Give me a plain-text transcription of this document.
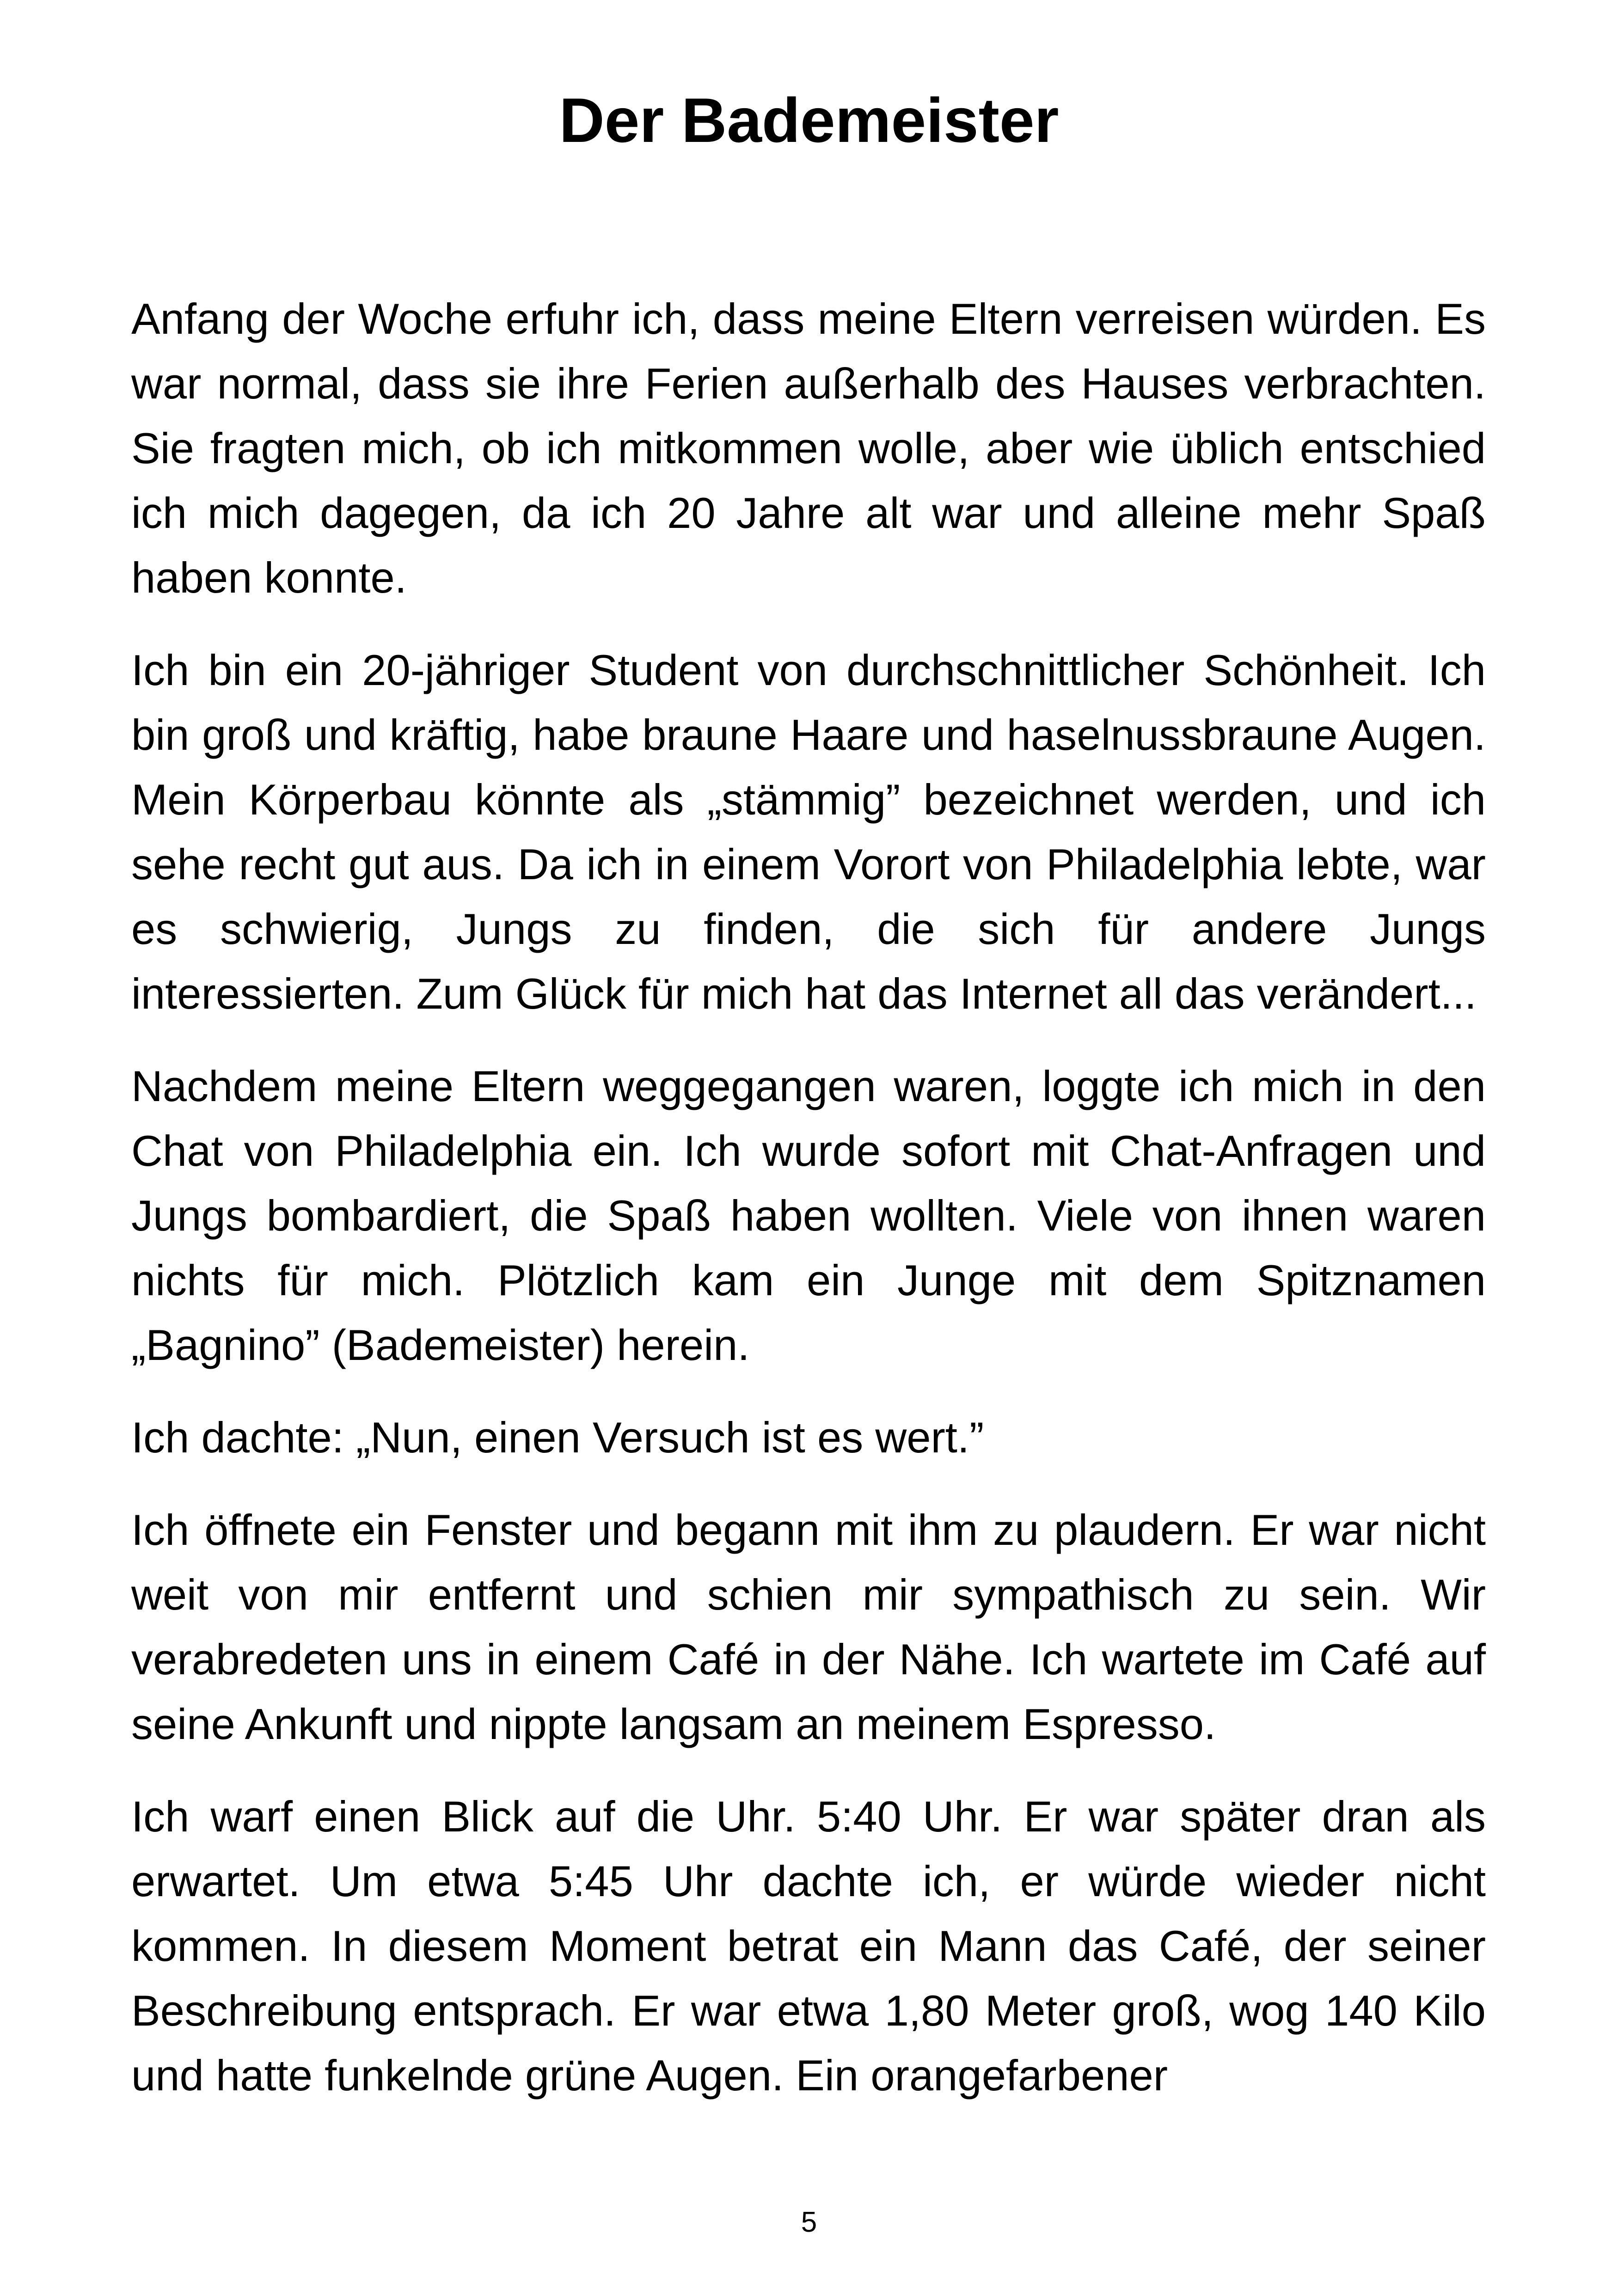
Der Bademeister

Anfang der Woche erfuhr ich, dass meine Eltern verreisen würden. Es war normal, dass sie ihre Ferien außerhalb des Hauses verbrachten. Sie fragten mich, ob ich mitkommen wolle, aber wie üblich entschied ich mich dagegen, da ich 20 Jahre alt war und alleine mehr Spaß haben konnte.

Ich bin ein 20-jähriger Student von durchschnittlicher Schönheit. Ich bin groß und kräftig, habe braune Haare und haselnussbraune Augen. Mein Körperbau könnte als „stämmig” bezeichnet werden, und ich sehe recht gut aus. Da ich in einem Vorort von Philadelphia lebte, war es schwierig, Jungs zu finden, die sich für andere Jungs interessierten. Zum Glück für mich hat das Internet all das verändert...

Nachdem meine Eltern weggegangen waren, loggte ich mich in den Chat von Philadelphia ein. Ich wurde sofort mit Chat-Anfragen und Jungs bombardiert, die Spaß haben wollten. Viele von ihnen waren nichts für mich. Plötzlich kam ein Junge mit dem Spitznamen „Bagnino” (Bademeister) herein.

Ich dachte: „Nun, einen Versuch ist es wert.”

Ich öffnete ein Fenster und begann mit ihm zu plaudern. Er war nicht weit von mir entfernt und schien mir sympathisch zu sein. Wir verabredeten uns in einem Café in der Nähe. Ich wartete im Café auf seine Ankunft und nippte langsam an meinem Espresso.

Ich warf einen Blick auf die Uhr. 5:40 Uhr. Er war später dran als erwartet. Um etwa 5:45 Uhr dachte ich, er würde wieder nicht kommen. In diesem Moment betrat ein Mann das Café, der seiner Beschreibung entsprach. Er war etwa 1,80 Meter groß, wog 140 Kilo und hatte funkelnde grüne Augen. Ein orangefarbener

5
